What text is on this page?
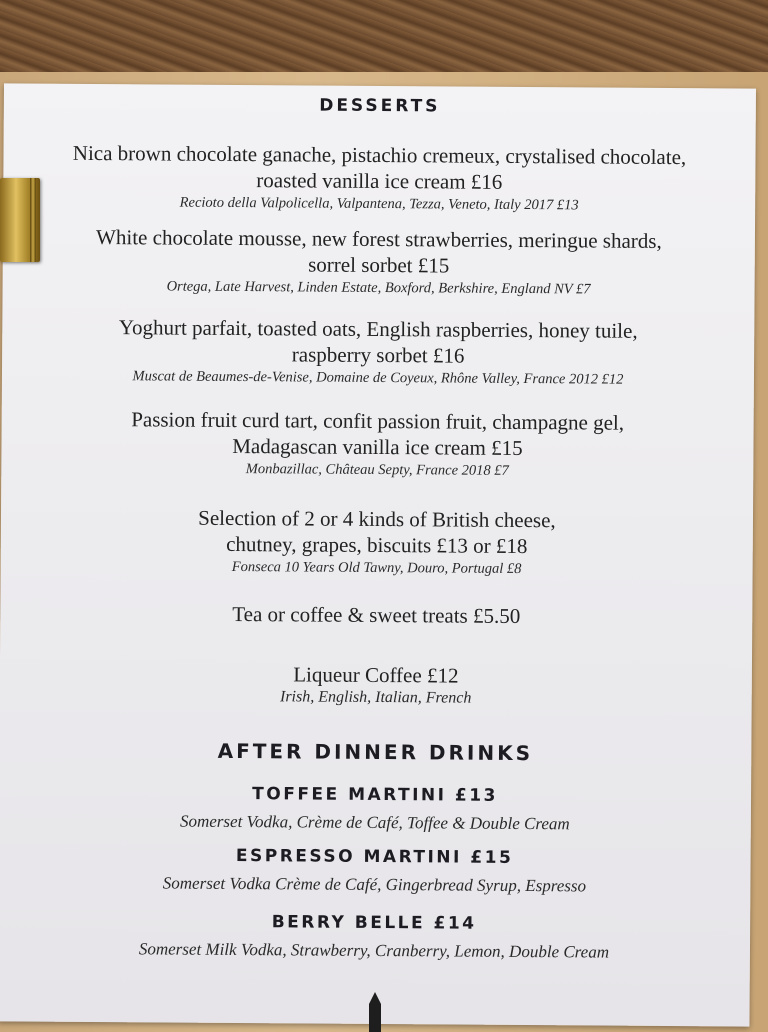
DESSERTS
Nica brown chocolate ganache, pistachio cremeux, crystalised chocolate,
roasted vanilla ice cream £16
Recioto della Valpolicella, Valpantena, Tezza, Veneto, Italy 2017 £13
White chocolate mousse, new forest strawberries, meringue shards,
sorrel sorbet £15
Ortega, Late Harvest, Linden Estate, Boxford, Berkshire, England NV £7
Yoghurt parfait, toasted oats, English raspberries, honey tuile,
raspberry sorbet £16
Muscat de Beaumes-de-Venise, Domaine de Coyeux, Rhône Valley, France 2012 £12
Passion fruit curd tart, confit passion fruit, champagne gel,
Madagascan vanilla ice cream £15
Monbazillac, Château Septy, France 2018 £7
Selection of 2 or 4 kinds of British cheese,
chutney, grapes, biscuits £13 or £18
Fonseca 10 Years Old Tawny, Douro, Portugal £8
Tea or coffee & sweet treats £5.50
Liqueur Coffee £12
Irish, English, Italian, French
AFTER DINNER DRINKS
TOFFEE MARTINI £13
Somerset Vodka, Crème de Café, Toffee & Double Cream
ESPRESSO MARTINI £15
Somerset Vodka Crème de Café, Gingerbread Syrup, Espresso
BERRY BELLE £14
Somerset Milk Vodka, Strawberry, Cranberry, Lemon, Double Cream
